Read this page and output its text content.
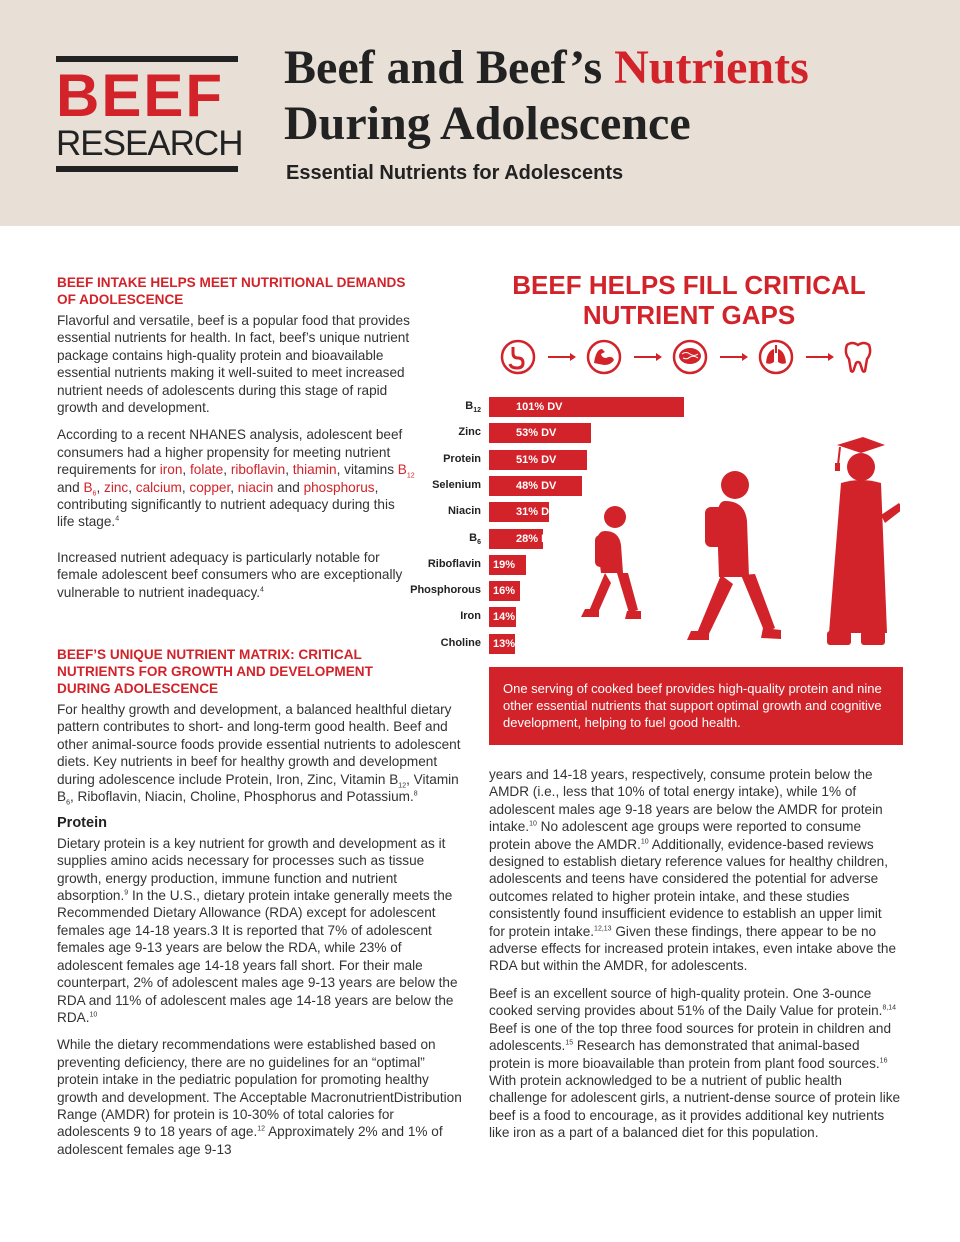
BEEF
RESEARCH
Beef and Beef’s Nutrients
During Adolescence
Essential Nutrients for Adolescents
BEEF INTAKE HELPS MEET NUTRITIONAL DEMANDS OF ADOLESCENCE

Flavorful and versatile, beef is a popular food that provides essential nutrients for health. In fact, beef’s unique nutrient package contains high-quality protein and bioavailable essential nutrients making it well-suited to meet increased nutrient needs of adolescents during this stage of rapid growth and development.

According to a recent NHANES analysis, adolescent beef consumers had a higher propensity for meeting nutrient requirements for iron, folate, riboflavin, thiamin, vitamins $B_{12}$ and $B_6$, zinc, calcium, copper, niacin and phosphorus, contributing significantly to nutrient adequacy during this life stage.$^4$

Increased nutrient adequacy is particularly notable for female adolescent beef consumers who are exceptionally vulnerable to nutrient inadequacy.$^4$

BEEF’S UNIQUE NUTRIENT MATRIX: CRITICAL NUTRIENTS FOR GROWTH AND DEVELOPMENT DURING ADOLESCENCE

For healthy growth and development, a balanced healthful dietary pattern contributes to short- and long-term good health. Beef and other animal-source foods provide essential nutrients to adolescent diets. Key nutrients in beef for healthy growth and development during adolescence include Protein, Iron, Zinc, Vitamin $B_{12}$, Vitamin $B_6$, Riboflavin, Niacin, Choline, Phosphorus and Potassium.$^8$

Protein

Dietary protein is a key nutrient for growth and development as it supplies amino acids necessary for processes such as tissue growth, energy production, immune function and nutrient absorption.$^9$ In the U.S., dietary protein intake generally meets the Recommended Dietary Allowance (RDA) except for adolescent females age 14-18 years.3 It is reported that 7% of adolescent females age 9-13 years are below the RDA, while 23% of adolescent females age 14-18 years fall short. For their male counterpart, 2% of adolescent males age 9-13 years are below the RDA and 11% of adolescent males age 14-18 years are below the RDA.$^{10}$

While the dietary recommendations were established based on preventing deficiency, there are no guidelines for an “optimal” protein intake in the pediatric population for promoting healthy growth and development. The Acceptable MacronutrientDistribution Range (AMDR) for protein is 10-30% of total calories for adolescents 9 to 18 years of age.$^{12}$ Approximately 2% and 1% of adolescent females age 9-13

years and 14-18 years, respectively, consume protein below the AMDR (i.e., less that 10% of total energy intake), while 1% of adolescent males age 9-18 years are below the AMDR for protein intake.$^{10}$ No adolescent age groups were reported to consume protein above the AMDR.$^{10}$ Additionally, evidence-based reviews designed to establish dietary reference values for healthy children, adolescents and teens have considered the potential for adverse outcomes related to higher protein intake, and these studies consistently found insufficient evidence to establish an upper limit for protein intake.$^{12,13}$ Given these findings, there appear to be no adverse effects for increased protein intakes, even intake above the RDA but within the AMDR, for adolescents.

Beef is an excellent source of high-quality protein. One 3-ounce cooked serving provides about 51% of the Daily Value for protein.$^{8,14}$ Beef is one of the top three food sources for protein in children and adolescents.$^{15}$ Research has demonstrated that animal-based protein is more bioavailable than protein from plant food sources.$^{16}$ With protein acknowledged to be a nutrient of public health challenge for adolescent girls, a nutrient-dense source of protein like beef is a food to encourage, as it provides additional key nutrients like iron as a part of a balanced diet for this population.

BEEF HELPS FILL CRITICAL
NUTRIENT GAPS
$B_{12}$	101% DV
Zinc	53% DV
Protein	51% DV
Selenium	48% DV
Niacin	31% DV
$B_6$	28% DV
Riboflavin 19%
Phosphorous 16%
Iron 14%
Choline 13%
One serving of cooked beef provides high-quality protein and nine other essential nutrients that support optimal growth and cognitive development, helping to fuel good health.
